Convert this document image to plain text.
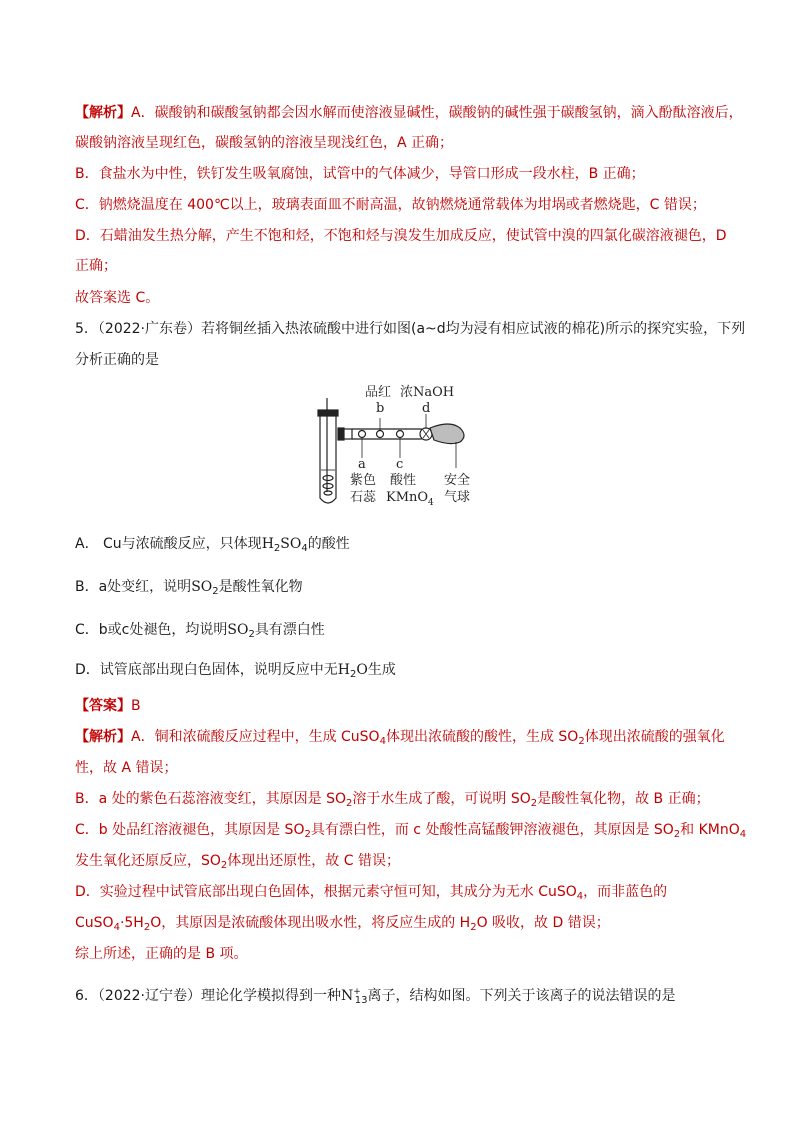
【解析】A．碳酸钠和碳酸氢钠都会因水解而使溶液显碱性，碳酸钠的碱性强于碳酸氢钠，滴入酚酞溶液后，
碳酸钠溶液呈现红色，碳酸氢钠的溶液呈现浅红色，A 正确；
B．食盐水为中性，铁钉发生吸氧腐蚀，试管中的气体减少，导管口形成一段水柱，B 正确；
C．钠燃烧温度在 400℃以上，玻璃表面皿不耐高温，故钠燃烧通常载体为坩埚或者燃烧匙，C 错误；
D．石蜡油发生热分解，产生不饱和烃，不饱和烃与溴发生加成反应，使试管中溴的四氯化碳溶液褪色，D
正确；
故答案选 C。
5．（2022·广东卷）若将铜丝插入热浓硫酸中进行如图(a~d均为浸有相应试液的棉花)所示的探究实验，下列
分析正确的是
品红
b
浓NaOH
d
a
紫色
石蕊
c
酸性
KMnO 4
安全
气球
A． Cu与浓硫酸反应，只体现$H_2SO_4$的酸性
B．a处变红，说明$SO_2$是酸性氧化物
C．b或c处褪色，均说明$SO_2$具有漂白性
D．试管底部出现白色固体，说明反应中无$H_2O$生成
【答案】B
【解析】A．铜和浓硫酸反应过程中，生成 CuSO$_4$体现出浓硫酸的酸性，生成 $SO_2$体现出浓硫酸的强氧化
性，故 A 错误；
B．a 处的紫色石蕊溶液变红，其原因是 $SO_2$溶于水生成了酸，可说明 $SO_2$是酸性氧化物，故 B 正确；
C．b 处品红溶液褪色，其原因是 $SO_2$具有漂白性，而 c 处酸性高锰酸钾溶液褪色，其原因是 $SO_2$和 KMnO$_4$
发生氧化还原反应，$SO_2$体现出还原性，故 C 错误；
D．实验过程中试管底部出现白色固体，根据元素守恒可知，其成分为无水 CuSO$_4$，而非蓝色的
$CuSO_4\cdot 5H_2O$，其原因是浓硫酸体现出吸水性，将反应生成的 $H_2O$ 吸收，故 D 错误；
综上所述，正确的是 B 项。
6．（2022·辽宁卷）理论化学模拟得到一种$N^+_{13}$离子，结构如图。下列关于该离子的说法错误的是
